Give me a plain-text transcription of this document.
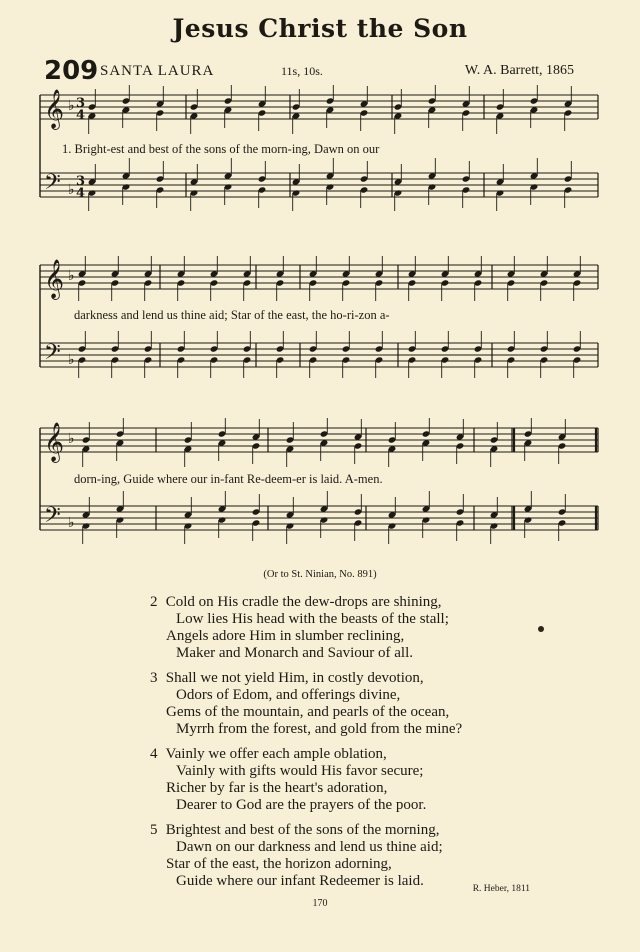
Jesus Christ the Son
209 SANTA LAURA	11s, 10s.	W. A. Barrett, 1865
𝄞
𝄢
♭
♭
3
4
3
4
1. Bright-est and best of the sons of the morn-ing, Dawn on our
𝄞
𝄢
♭
♭
darkness and lend us thine aid; Star of the east, the ho-ri-zon a-
𝄞
𝄢
♭
♭
dorn-ing, Guide where our in-fant Re-deem-er is laid. A-men.
(Or to St. Ninian, No. 891)
2 Cold on His cradle the dew-drops are shining,
Low lies His head with the beasts of the stall;
Angels adore Him in slumber reclining,
Maker and Monarch and Saviour of all.
3 Shall we not yield Him, in costly devotion,
Odors of Edom, and offerings divine,
Gems of the mountain, and pearls of the ocean,
Myrrh from the forest, and gold from the mine?
4 Vainly we offer each ample oblation,
Vainly with gifts would His favor secure;
Richer by far is the heart's adoration,
Dearer to God are the prayers of the poor.
5 Brightest and best of the sons of the morning,
Dawn on our darkness and lend us thine aid;
Star of the east, the horizon adorning,
Guide where our infant Redeemer is laid.	R. Heber, 1811
170
